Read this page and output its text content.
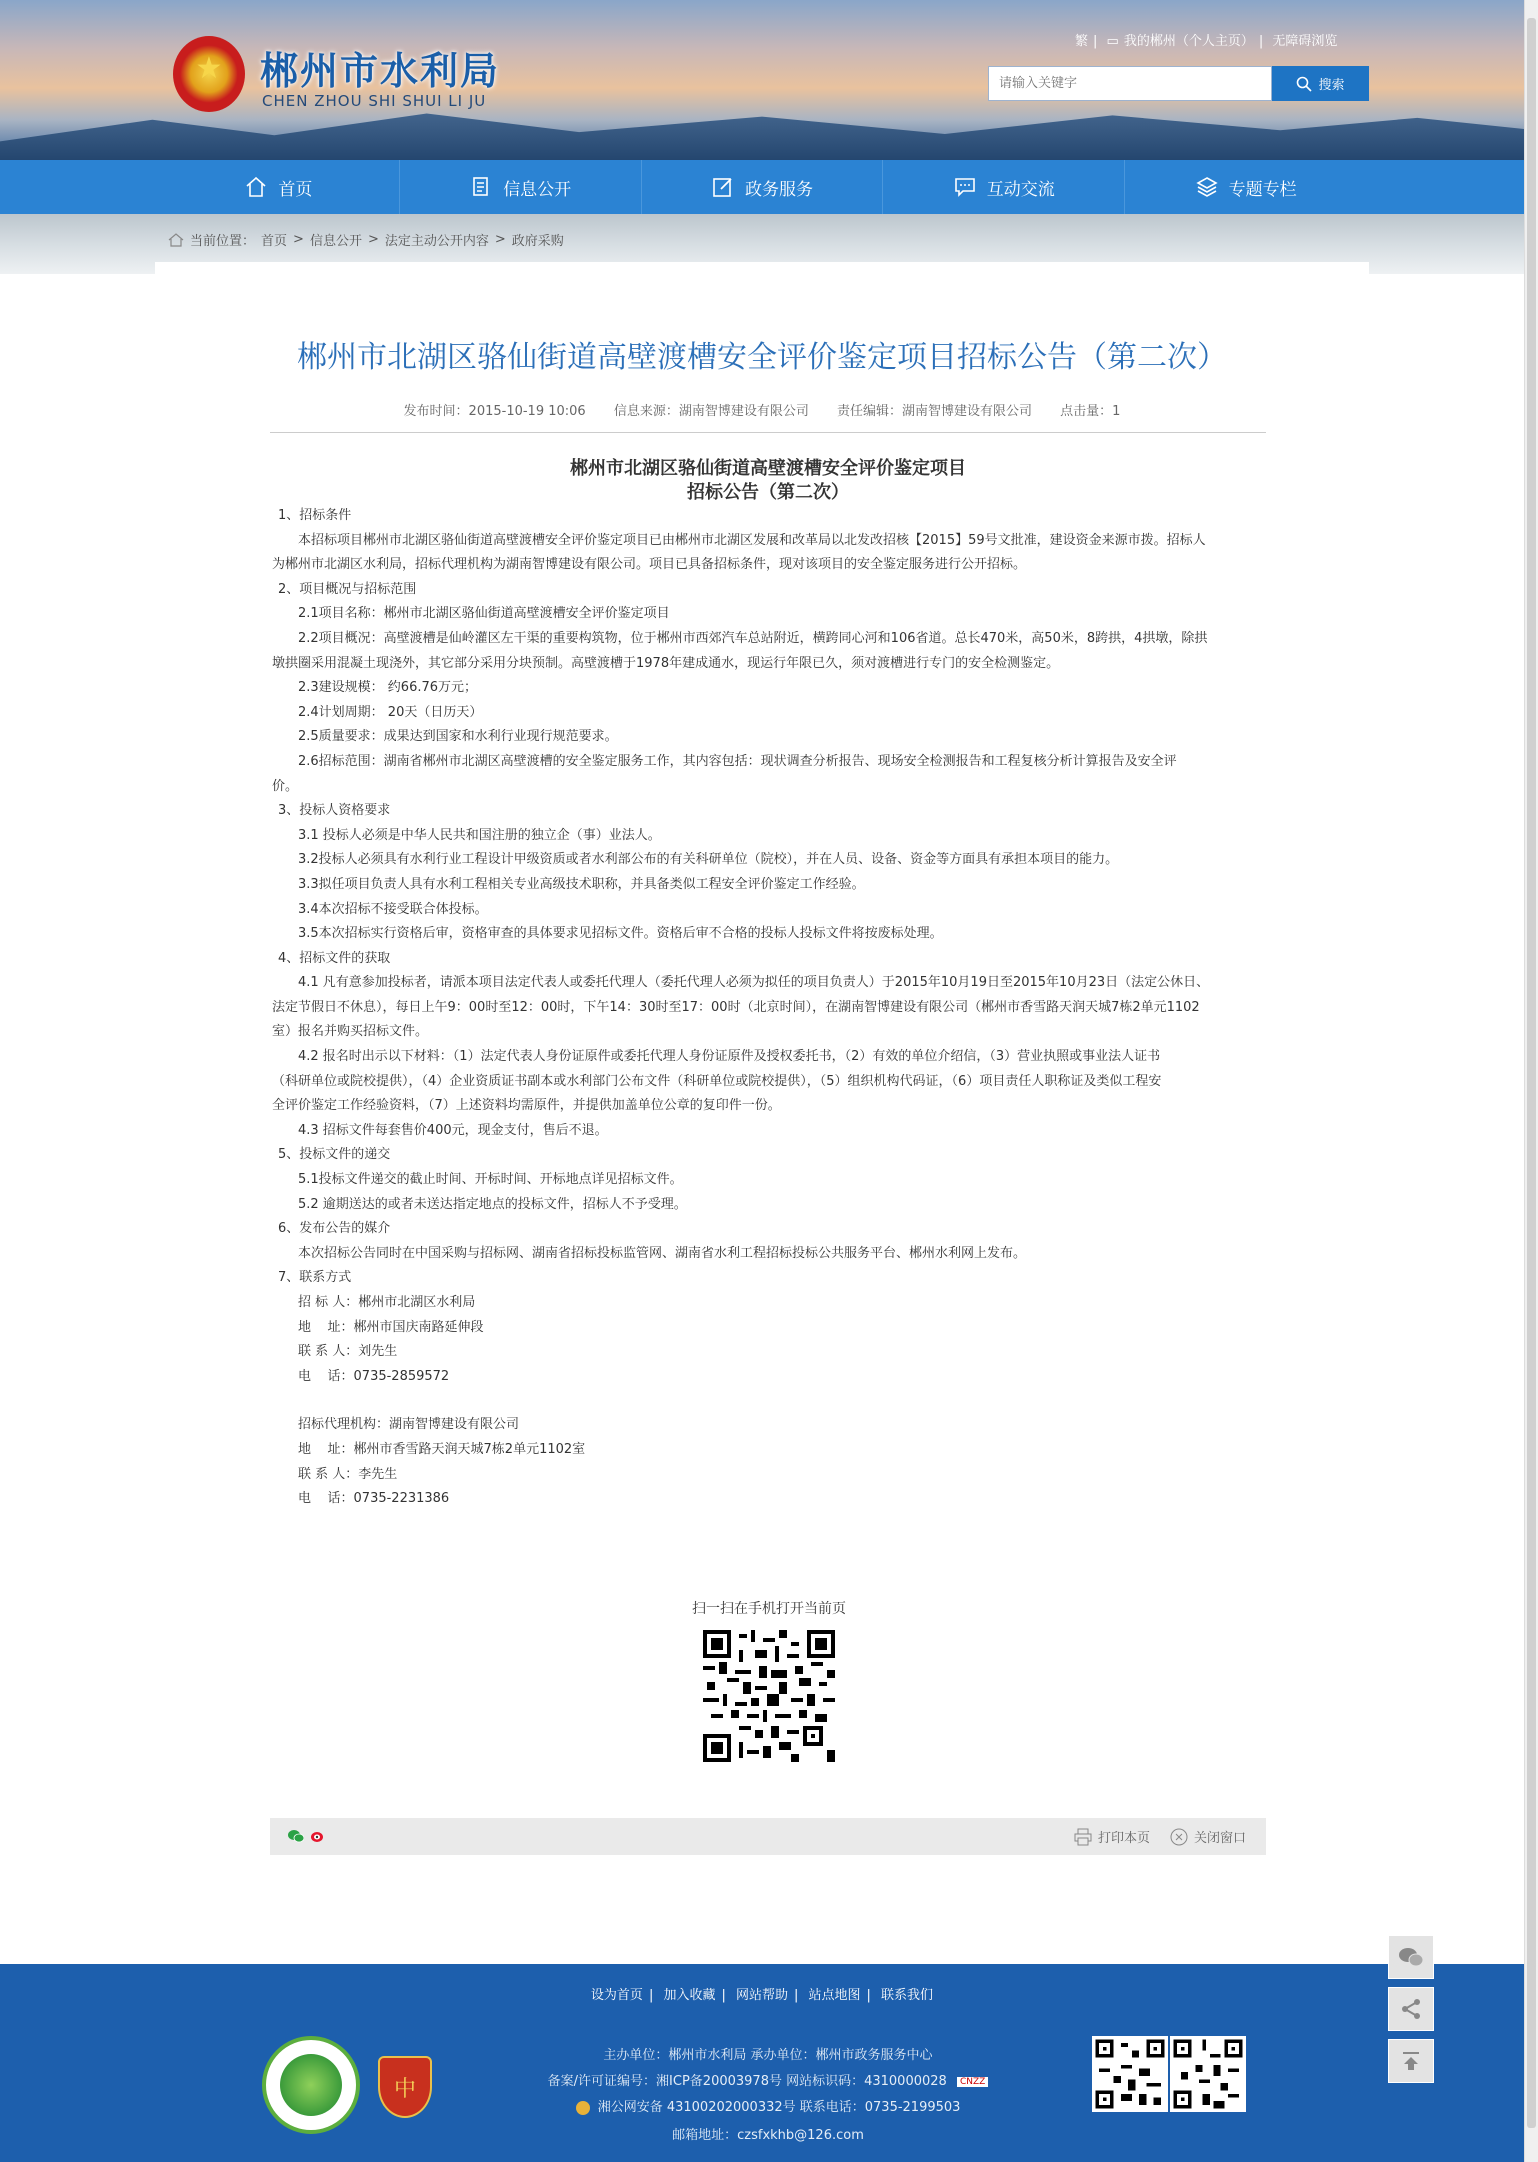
★ 郴州市水利局
CHEN ZHOU SHI SHUI LI JU
繁 | ▭ 我的郴州（个人主页） | 无障碍浏览
请输入关键字
搜索
首页	信息公开	政务服务	互动交流	专题专栏
当前位置： 首页 > 信息公开 > 法定主动公开内容 > 政府采购
郴州市北湖区骆仙街道高壁渡槽安全评价鉴定项目招标公告（第二次）
发布时间：2015-10-19 10:06 信息来源：湖南智博建设有限公司 责任编辑：湖南智博建设有限公司 点击量：1
郴州市北湖区骆仙街道高壁渡槽安全评价鉴定项目
招标公告（第二次）

1、招标条件

本招标项目郴州市北湖区骆仙街道高壁渡槽安全评价鉴定项目已由郴州市北湖区发展和改革局以北发改招核【2015】59号文批准，建设资金来源市拨。招标人

为郴州市北湖区水利局，招标代理机构为湖南智博建设有限公司。项目已具备招标条件，现对该项目的安全鉴定服务进行公开招标。

2、项目概况与招标范围

2.1项目名称：郴州市北湖区骆仙街道高壁渡槽安全评价鉴定项目

2.2项目概况：高壁渡槽是仙岭灌区左干渠的重要构筑物，位于郴州市西郊汽车总站附近，横跨同心河和106省道。总长470米，高50米，8跨拱，4拱墩，除拱

墩拱圈采用混凝土现浇外，其它部分采用分块预制。高壁渡槽于1978年建成通水，现运行年限已久，须对渡槽进行专门的安全检测鉴定。

2.3建设规模： 约66.76万元；

2.4计划周期： 20天（日历天）

2.5质量要求：成果达到国家和水利行业现行规范要求。

2.6招标范围：湖南省郴州市北湖区高壁渡槽的安全鉴定服务工作，其内容包括：现状调查分析报告、现场安全检测报告和工程复核分析计算报告及安全评

价。

3、投标人资格要求

3.1 投标人必须是中华人民共和国注册的独立企（事）业法人。

3.2投标人必须具有水利行业工程设计甲级资质或者水利部公布的有关科研单位（院校），并在人员、设备、资金等方面具有承担本项目的能力。

3.3拟任项目负责人具有水利工程相关专业高级技术职称，并具备类似工程安全评价鉴定工作经验。

3.4本次招标不接受联合体投标。

3.5本次招标实行资格后审，资格审查的具体要求见招标文件。资格后审不合格的投标人投标文件将按废标处理。

4、招标文件的获取

4.1 凡有意参加投标者，请派本项目法定代表人或委托代理人（委托代理人必须为拟任的项目负责人）于2015年10月19日至2015年10月23日（法定公休日、

法定节假日不休息），每日上午9：00时至12：00时，下午14：30时至17：00时（北京时间），在湖南智博建设有限公司（郴州市香雪路天润天城7栋2单元1102

室）报名并购买招标文件。

4.2 报名时出示以下材料：（1）法定代表人身份证原件或委托代理人身份证原件及授权委托书，（2）有效的单位介绍信，（3）营业执照或事业法人证书

（科研单位或院校提供），（4）企业资质证书副本或水利部门公布文件（科研单位或院校提供），（5）组织机构代码证，（6）项目责任人职称证及类似工程安

全评价鉴定工作经验资料，（7）上述资料均需原件，并提供加盖单位公章的复印件一份。

4.3 招标文件每套售价400元，现金支付，售后不退。

5、投标文件的递交

5.1投标文件递交的截止时间、开标时间、开标地点详见招标文件。

5.2 逾期送达的或者未送达指定地点的投标文件，招标人不予受理。

6、发布公告的媒介

本次招标公告同时在中国采购与招标网、湖南省招标投标监管网、湖南省水利工程招标投标公共服务平台、郴州水利网上发布。

7、联系方式

招 标 人：郴州市北湖区水利局

地    址：郴州市国庆南路延伸段

联 系 人：刘先生

电    话：0735-2859572

招标代理机构：湖南智博建设有限公司

地    址：郴州市香雪路天润天城7栋2单元1102室

联 系 人：李先生

电    话：0735-2231386

扫一扫在手机打开当前页
打印本页	关闭窗口
设为首页 | 加入收藏 | 网站帮助 | 站点地图 | 联系我们
中
主办单位：郴州市水利局 承办单位：郴州市政务服务中心
备案/许可证编号：湘ICP备20003978号 网站标识码：4310000028 CNZZ
湘公网安备 43100202000332号 联系电话：0735-2199503
邮箱地址：czsfxkhb@126.com
